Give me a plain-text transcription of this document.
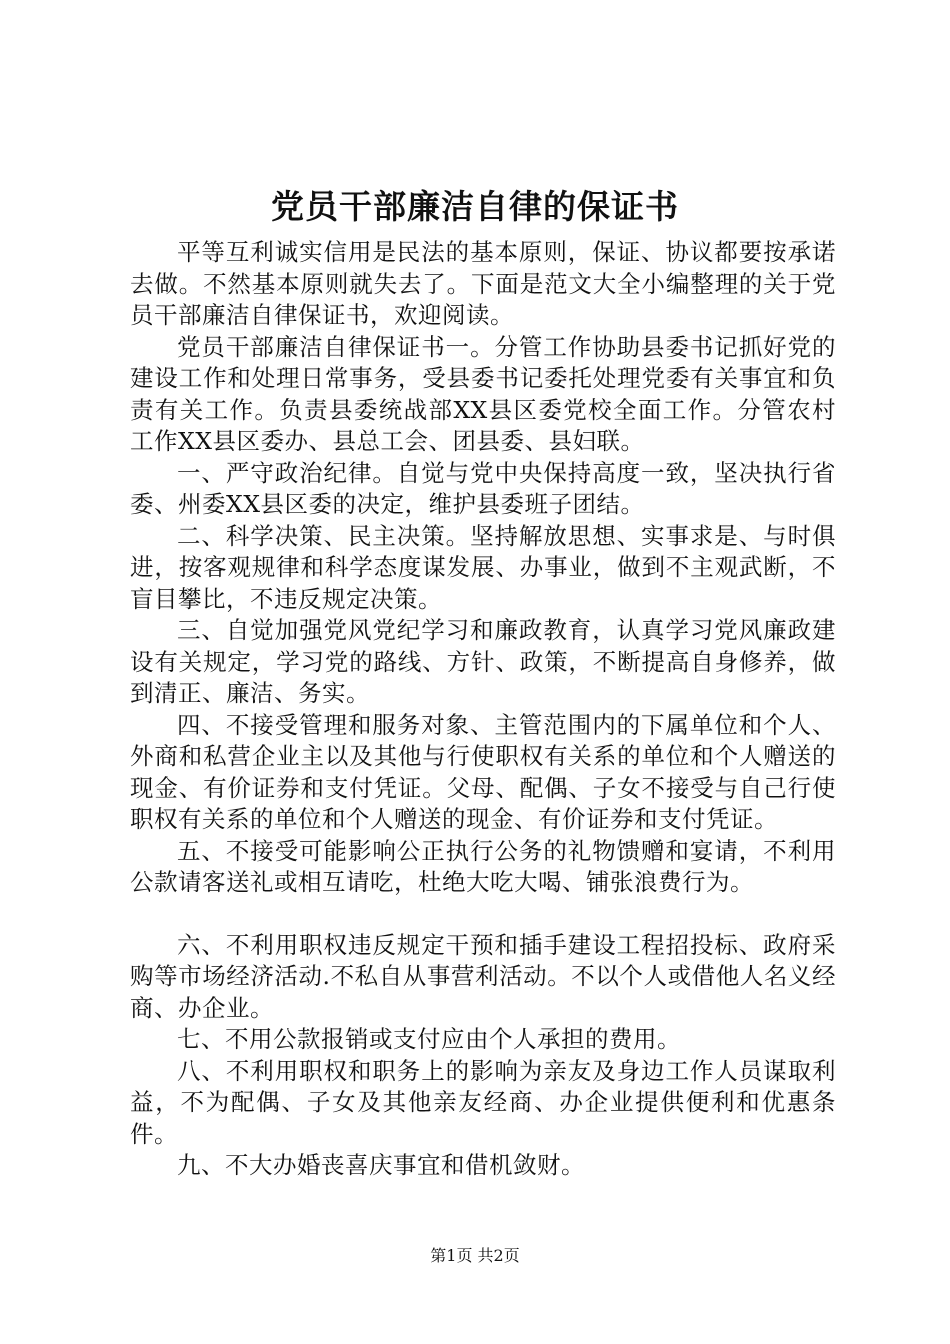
党员干部廉洁自律的保证书

平等互利诚实信用是民法的基本原则，保证、协议都要按承诺去做。不然基本原则就失去了。下面是范文大全小编整理的关于党员干部廉洁自律保证书，欢迎阅读。

党员干部廉洁自律保证书一。分管工作协助县委书记抓好党的建设工作和处理日常事务，受县委书记委托处理党委有关事宜和负责有关工作。负责县委统战部XX县区委党校全面工作。分管农村工作XX县区委办、县总工会、团县委、县妇联。

一、严守政治纪律。自觉与党中央保持高度一致，坚决执行省委、州委XX县区委的决定，维护县委班子团结。

二、科学决策、民主决策。坚持解放思想、实事求是、与时俱进，按客观规律和科学态度谋发展、办事业，做到不主观武断，不盲目攀比，不违反规定决策。

三、自觉加强党风党纪学习和廉政教育，认真学习党风廉政建设有关规定，学习党的路线、方针、政策，不断提高自身修养，做到清正、廉洁、务实。

四、不接受管理和服务对象、主管范围内的下属单位和个人、外商和私营企业主以及其他与行使职权有关系的单位和个人赠送的现金、有价证券和支付凭证。父母、配偶、子女不接受与自己行使职权有关系的单位和个人赠送的现金、有价证券和支付凭证。

五、不接受可能影响公正执行公务的礼物馈赠和宴请，不利用公款请客送礼或相互请吃，杜绝大吃大喝、铺张浪费行为。

六、不利用职权违反规定干预和插手建设工程招投标、政府采购等市场经济活动.不私自从事营利活动。不以个人或借他人名义经商、办企业。

七、不用公款报销或支付应由个人承担的费用。

八、不利用职权和职务上的影响为亲友及身边工作人员谋取利益，不为配偶、子女及其他亲友经商、办企业提供便利和优惠条件。

九、不大办婚丧喜庆事宜和借机敛财。

第1页 共2页
